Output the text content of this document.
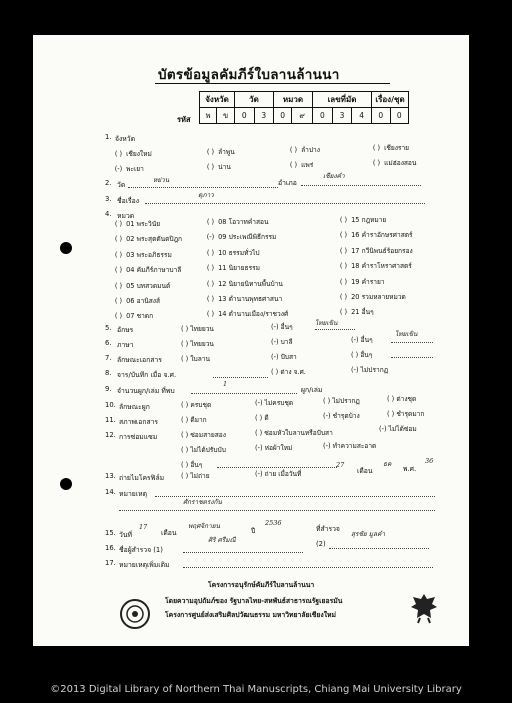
บัตรข้อมูลคัมภีร์ใบลานล้านนา
รหัส
จังหวัด		วัด		หมวด		เลขที่มัด			เรื่อง/ชุด	
พ	ข	0	3	0	๙	0	3	4	0	0
1. จังหวัด
( ) เชียงใหม่	( ) ลำพูน	( ) ลำปาง	( ) เชียงราย
(-) พะเยา	( ) น่าน	( ) แพร่	( ) แม่ฮ่องสอน
2. วัด
หย่วน	อำเภอ
เชียงคำ
3. ชื่อเรื่อง
ตุภาว
4. หมวด
( ) 01 พระวินัย
( ) 02 พระสุตตันตปิฎก
( ) 03 พระอภิธรรม
( ) 04 คัมภีร์ภาษาบาลี
( ) 05 บทสวดมนต์
( ) 06 อานิสงส์
( ) 07 ชาดก
( ) 08 โอวาทคำสอน
(-) 09 ประเพณีพิธีกรรม
( ) 10 ธรรมทั่วไป
( ) 11 นิยายธรรม
( ) 12 นิยายนิทานพื้นบ้าน
( ) 13 ตำนานพุทธศาสนา
( ) 14 ตำนานเมือง/ราชวงศ์
( ) 15 กฎหมาย
( ) 16 คำราอักษรศาสตร์
( ) 17 กวีนิพนธ์ร้อยกรอง
( ) 18 คำราโหราศาสตร์
( ) 19 คำรายา
( ) 20 รวมหลายหมวด
( ) 21 อื่นๆ
5. อักษร	( ) ไทยยวน	(-) อื่นๆ	ไทยเขิน
6. ภาษา	( ) ไทยยวน	(-) บาลี	(-) อื่นๆ
ไทยเขิน
7. ลักษณะเอกสาร	( ) ใบลาน	(-) ปับสา	( ) อื่นๆ
8. จาร/บันทึก เมื่อ จ.ศ.	( ) ต่าง จ.ศ.	(-) ไม่ปรากฏ
9. จำนวนผูก/เล่ม ที่พบ
1
ผูก/เล่ม
10. ลักษณะผูก	( ) ครบชุด	(-) ไม่ครบชุด	( ) ไม่ปรากฏ	( ) ต่างชุด
11. สภาพเอกสาร	( ) ดีมาก	( ) ดี	(-) ชำรุดบ้าง	( ) ชำรุดมาก
12. การซ่อมแซม	( ) ซ่อมสายสอง	( ) ซ่อมหัวใบลานหรือปับสา	(-) ไม่ได้ซ่อม
( ) ไม่ได้ปรับบับ	(-) ห่อผ้าใหม่	(-) ทำความสะอาด
( ) อื่นๆ
13. ถ่ายไมโครฟิล์ม	( ) ไม่ถ่าย	(-) ถ่าย เมื่อวันที่
27
เดือน
ธค
พ.ศ.
36
14. หมายเหตุ
ศักราชตรงกัน
15. วันที่
17
เดือน
พฤศจิกายน
ปี
2536
ที่สำรวจ
16. ชื่อผู้สำรวจ (1)
ศิริ ศรีมณี	(2)
สุรชัย มูลคำ
17. หมายเหตุเพิ่มเติม
โครงการอนุรักษ์คัมภีร์ใบลานล้านนา
โดยความอุปถัมภ์ของ รัฐบาลไทย-สหพันธ์สาธารณรัฐเยอรมัน
โครงการศูนย์ส่งเสริมศิลปวัฒนธรรม มหาวิทยาลัยเชียงใหม่
©2013 Digital Library of Northern Thai Manuscripts, Chiang Mai University Library
